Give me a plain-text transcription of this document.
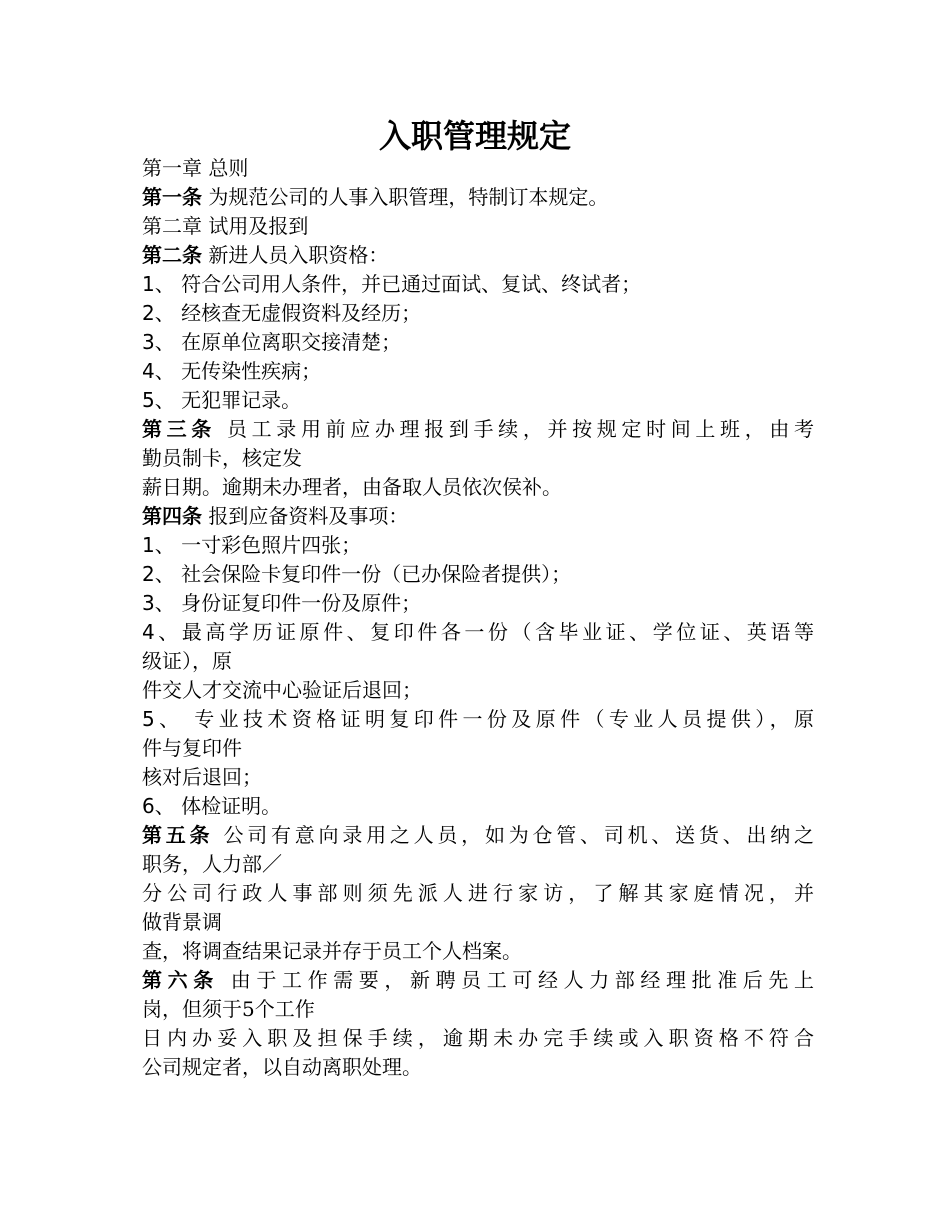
入职管理规定

第一章 总则

第一条 为规范公司的人事入职管理，特制订本规定。

第二章 试用及报到

第二条 新进人员入职资格：

1、 符合公司用人条件，并已通过面试、复试、终试者；

2、 经核查无虚假资料及经历；

3、 在原单位离职交接清楚；

4、 无传染性疾病；

5、 无犯罪记录。

第三条 员工录用前应办理报到手续，并按规定时间上班，由考

勤员制卡，核定发

薪日期。逾期未办理者，由备取人员依次侯补。

第四条 报到应备资料及事项：

1、 一寸彩色照片四张；

2、 社会保险卡复印件一份（已办保险者提供）；

3、 身份证复印件一份及原件；

4、最高学历证原件、复印件各一份（含毕业证、学位证、英语等

级证），原

件交人才交流中心验证后退回；

5、 专业技术资格证明复印件一份及原件（专业人员提供），原

件与复印件

核对后退回；

6、 体检证明。

第五条 公司有意向录用之人员，如为仓管、司机、送货、出纳之

职务，人力部／

分公司行政人事部则须先派人进行家访，了解其家庭情况，并

做背景调

查，将调查结果记录并存于员工个人档案。

第六条 由于工作需要，新聘员工可经人力部经理批准后先上

岗，但须于5个工作

日内办妥入职及担保手续，逾期未办完手续或入职资格不符合

公司规定者，以自动离职处理。
